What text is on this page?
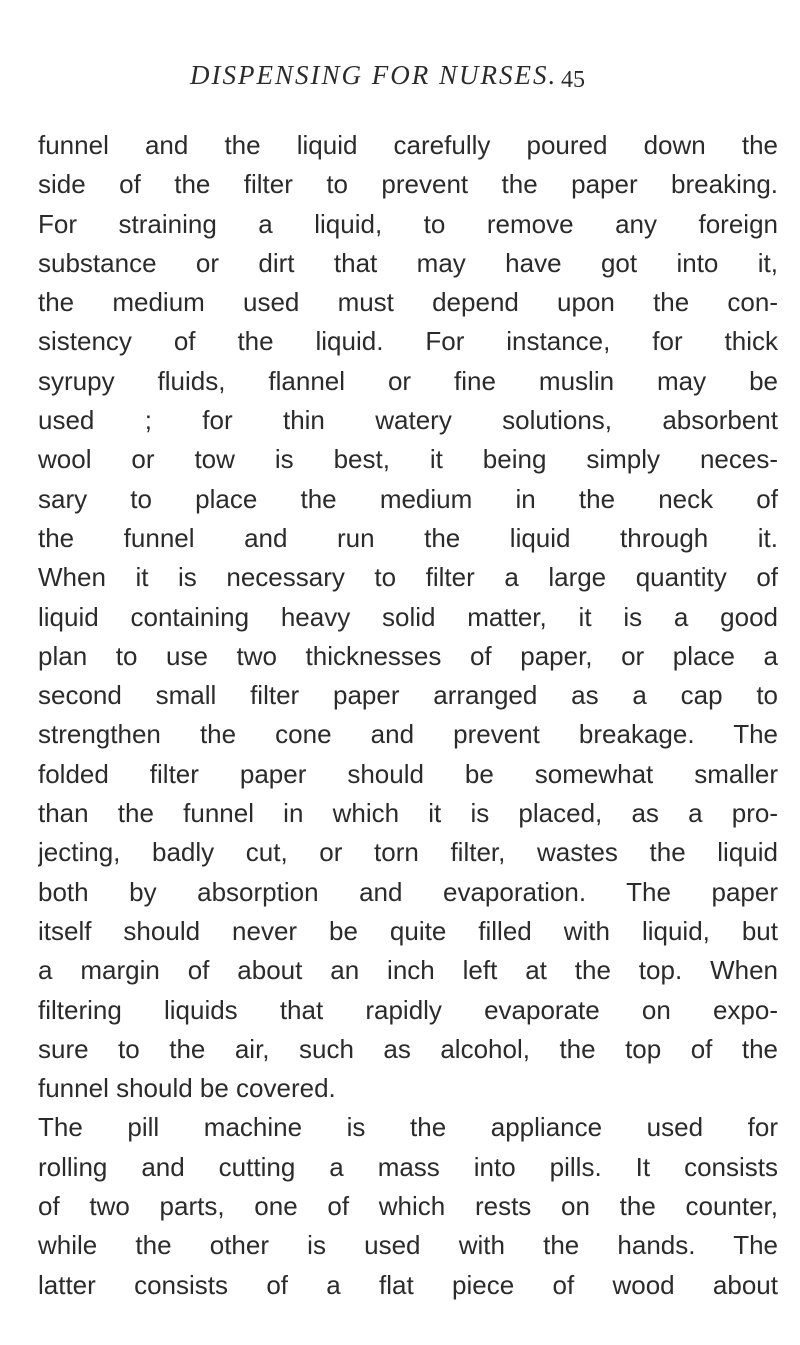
DISPENSING FOR NURSES. 45
funnel and the liquid carefully poured down the
side of the filter to prevent the paper breaking.
For straining a liquid, to remove any foreign
substance or dirt that may have got into it,
the medium used must depend upon the con-
sistency of the liquid. For instance, for thick
syrupy fluids, flannel or fine muslin may be
used ; for thin watery solutions, absorbent
wool or tow is best, it being simply neces-
sary to place the medium in the neck of
the funnel and run the liquid through it.
When it is necessary to filter a large quantity of
liquid containing heavy solid matter, it is a good
plan to use two thicknesses of paper, or place a
second small filter paper arranged as a cap to
strengthen the cone and prevent breakage. The
folded filter paper should be somewhat smaller
than the funnel in which it is placed, as a pro-
jecting, badly cut, or torn filter, wastes the liquid
both by absorption and evaporation. The paper
itself should never be quite filled with liquid, but
a margin of about an inch left at the top. When
filtering liquids that rapidly evaporate on expo-
sure to the air, such as alcohol, the top of the
funnel should be covered.
The pill machine is the appliance used for
rolling and cutting a mass into pills. It consists
of two parts, one of which rests on the counter,
while the other is used with the hands. The
latter consists of a flat piece of wood about
